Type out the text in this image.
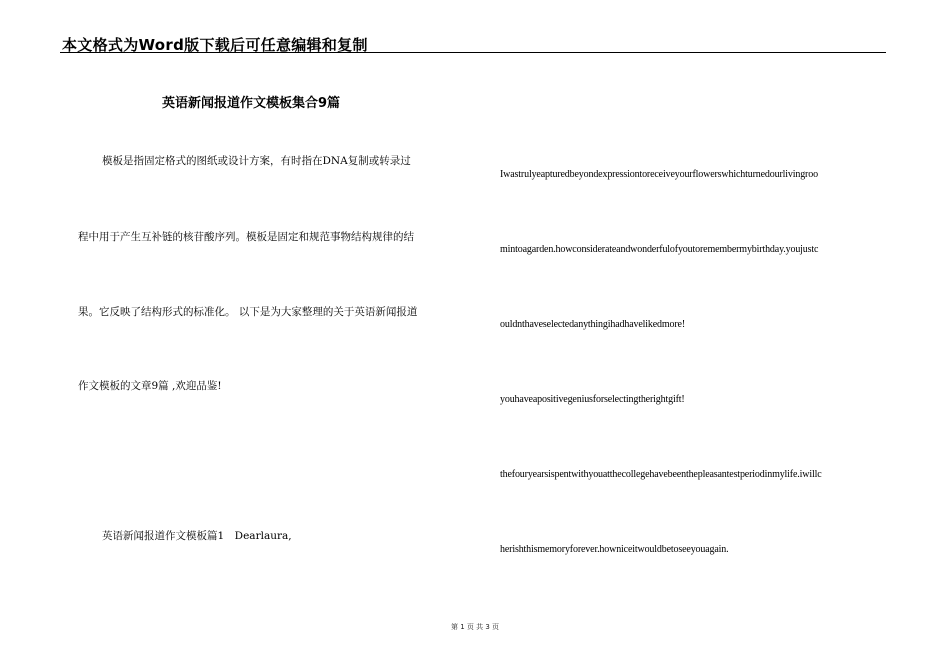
本文格式为Word版下载后可任意编辑和复制
英语新闻报道作文模板集合9篇
模板是指固定格式的图纸或设计方案，有时指在DNA复制或转录过
程中用于产生互补链的核苷酸序列。模板是固定和规范事物结构规律的结
果。它反映了结构形式的标准化。 以下是为大家整理的关于英语新闻报道
作文模板的文章9篇 ,欢迎品鉴!
英语新闻报道作文模板篇1　Dearlaura,
Iwastrulyeapturedbeyondexpressiontoreceiveyourflowerswhichturnedourlivingroo
mintoagarden.howconsiderateandwonderfulofyoutoremembermybirthday.youjustc
ouldnthaveselectedanythingihadhavelikedmore!
youhaveapositivegeniusforselectingtherightgift!
thefouryearsispentwithyouatthecollegehavebeenthepleasantestperiodinmylife.iwillc
herishthismemoryforever.howniceitwouldbetoseeyouagain.
第 1 页 共 3 页
